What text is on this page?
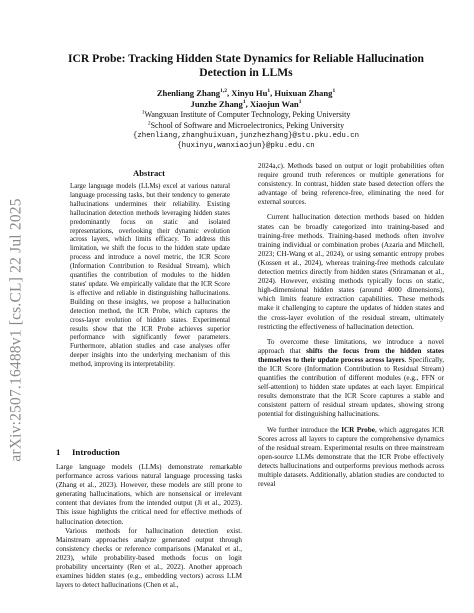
arXiv:2507.16488v1 [cs.CL] 22 Jul 2025
ICR Probe: Tracking Hidden State Dynamics for Reliable Hallucination
Detection in LLMs
Zhenliang Zhang$^{1,2}$, Xinyu Hu$^1$, Huixuan Zhang$^1$
Junzhe Zhang$^1$, Xiaojun Wan$^1$
$^1$Wangxuan Institute of Computer Technology, Peking University
$^2$School of Software and Microelectronics, Peking University
{zhenliang,zhanghuixuan,junzhezhang}@stu.pku.edu.cn
{huxinyu,wanxiaojun}@pku.edu.cn
Abstract

Large language models (LLMs) excel at various natural language processing tasks, but their tendency to generate hallucinations undermines their reliability. Existing hallucination detection methods leveraging hidden states predominantly focus on static and isolated representations, overlooking their dynamic evolution across layers, which limits efficacy. To address this limitation, we shift the focus to the hidden state update process and introduce a novel metric, the ICR Score (Information Contribution to Residual Stream), which quantifies the contribution of modules to the hidden states' update. We empirically validate that the ICR Score is effective and reliable in distinguishing hallucinations. Building on these insights, we propose a hallucination detection method, the ICR Probe, which captures the cross-layer evolution of hidden states. Experimental results show that the ICR Probe achieves superior performance with significantly fewer parameters. Furthermore, ablation studies and case analyses offer deeper insights into the underlying mechanism of this method, improving its interpretability.

1 Introduction

Large language models (LLMs) demonstrate remarkable performance across various natural language processing tasks (Zhang et al., 2023). However, these models are still prone to generating hallucinations, which are nonsensical or irrelevant content that deviates from the intended output (Ji et al., 2023). This issue highlights the critical need for effective methods of hallucination detection.

Various methods for hallucination detection exist. Mainstream approaches analyze generated output through consistency checks or reference comparisons (Manakul et al., 2023), while probability-based methods focus on logit probability uncertainty (Ren et al., 2022). Another approach examines hidden states (e.g., embedding vectors) across LLM layers to detect hallucinations (Chen et al.,

2024a,c). Methods based on output or logit probabilities often require ground truth references or multiple generations for consistency. In contrast, hidden state based detection offers the advantage of being reference-free, eliminating the need for external sources.

Current hallucination detection methods based on hidden states can be broadly categorized into training-based and training-free methods. Training-based methods often involve training individual or combination probes (Azaria and Mitchell, 2023; CH-Wang et al., 2024), or using semantic entropy probes (Kossen et al., 2024), whereas training-free methods calculate detection metrics directly from hidden states (Sriramanan et al., 2024). However, existing methods typically focus on static, high-dimensional hidden states (around 4000 dimensions), which limits feature extraction capabilities. These methods make it challenging to capture the updates of hidden states and the cross-layer evolution of the residual stream, ultimately restricting the effectiveness of hallucination detection.

To overcome these limitations, we introduce a novel approach that shifts the focus from the hidden states themselves to their update process across layers. Specifically, the ICR Score (Information Contribution to Residual Stream) quantifies the contribution of different modules (e.g., FFN or self-attention) to hidden state updates at each layer. Empirical results demonstrate that the ICR Score captures a stable and consistent pattern of residual stream updates, showing strong potential for distinguishing hallucinations.

We further introduce the ICR Probe, which aggregates ICR Scores across all layers to capture the comprehensive dynamics of the residual stream. Experimental results on three mainstream open-source LLMs demonstrate that the ICR Probe effectively detects hallucinations and outperforms previous methods across multiple datasets. Additionally, ablation studies are conducted to reveal
